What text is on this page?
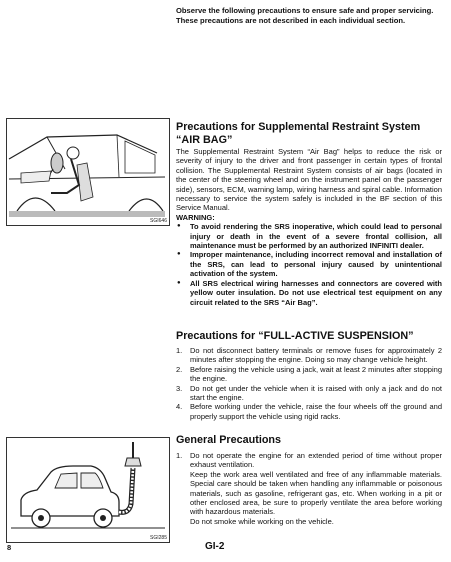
Observe the following precautions to ensure safe and proper servicing. These precautions are not described in each individual section.
SGI646
Precautions for Supplemental Restraint System
“AIR BAG”
The Supplemental Restraint System “Air Bag” helps to reduce the risk or severity of injury to the driver and front passenger in certain types of frontal collision. The Supplemental Restraint System consists of air bags (located in the center of the steering wheel and on the instrument panel on the passenger side), sensors, ECM, warning lamp, wiring harness and spiral cable. Information necessary to service the system safely is included in the BF section of this Service Manual.
WARNING:
● To avoid rendering the SRS inoperative, which could lead to personal injury or death in the event of a severe frontal collision, all maintenance must be performed by an authorized INFINITI dealer.
● Improper maintenance, including incorrect removal and installation of the SRS, can lead to personal injury caused by unintentional activation of the system.
● All SRS electrical wiring harnesses and connectors are covered with yellow outer insulation. Do not use electrical test equipment on any circuit related to the SRS “Air Bag”.
Precautions for “FULL-ACTIVE SUSPENSION”
1. Do not disconnect battery terminals or remove fuses for approximately 2 minutes after stopping the engine. Doing so may change vehicle height.
2. Before raising the vehicle using a jack, wait at least 2 minutes after stopping the engine.
3. Do not get under the vehicle when it is raised with only a jack and do not start the engine.
4. Before working under the vehicle, raise the four wheels off the ground and properly support the vehicle using rigid racks.
SGI285
General Precautions
1. Do not operate the engine for an extended period of time without proper exhaust ventilation.
Keep the work area well ventilated and free of any inflammable materials. Special care should be taken when handling any inflammable or poisonous materials, such as gasoline, refrigerant gas, etc. When working in a pit or other enclosed area, be sure to properly ventilate the area before working with hazardous materials.
Do not smoke while working on the vehicle.
8	GI-2
